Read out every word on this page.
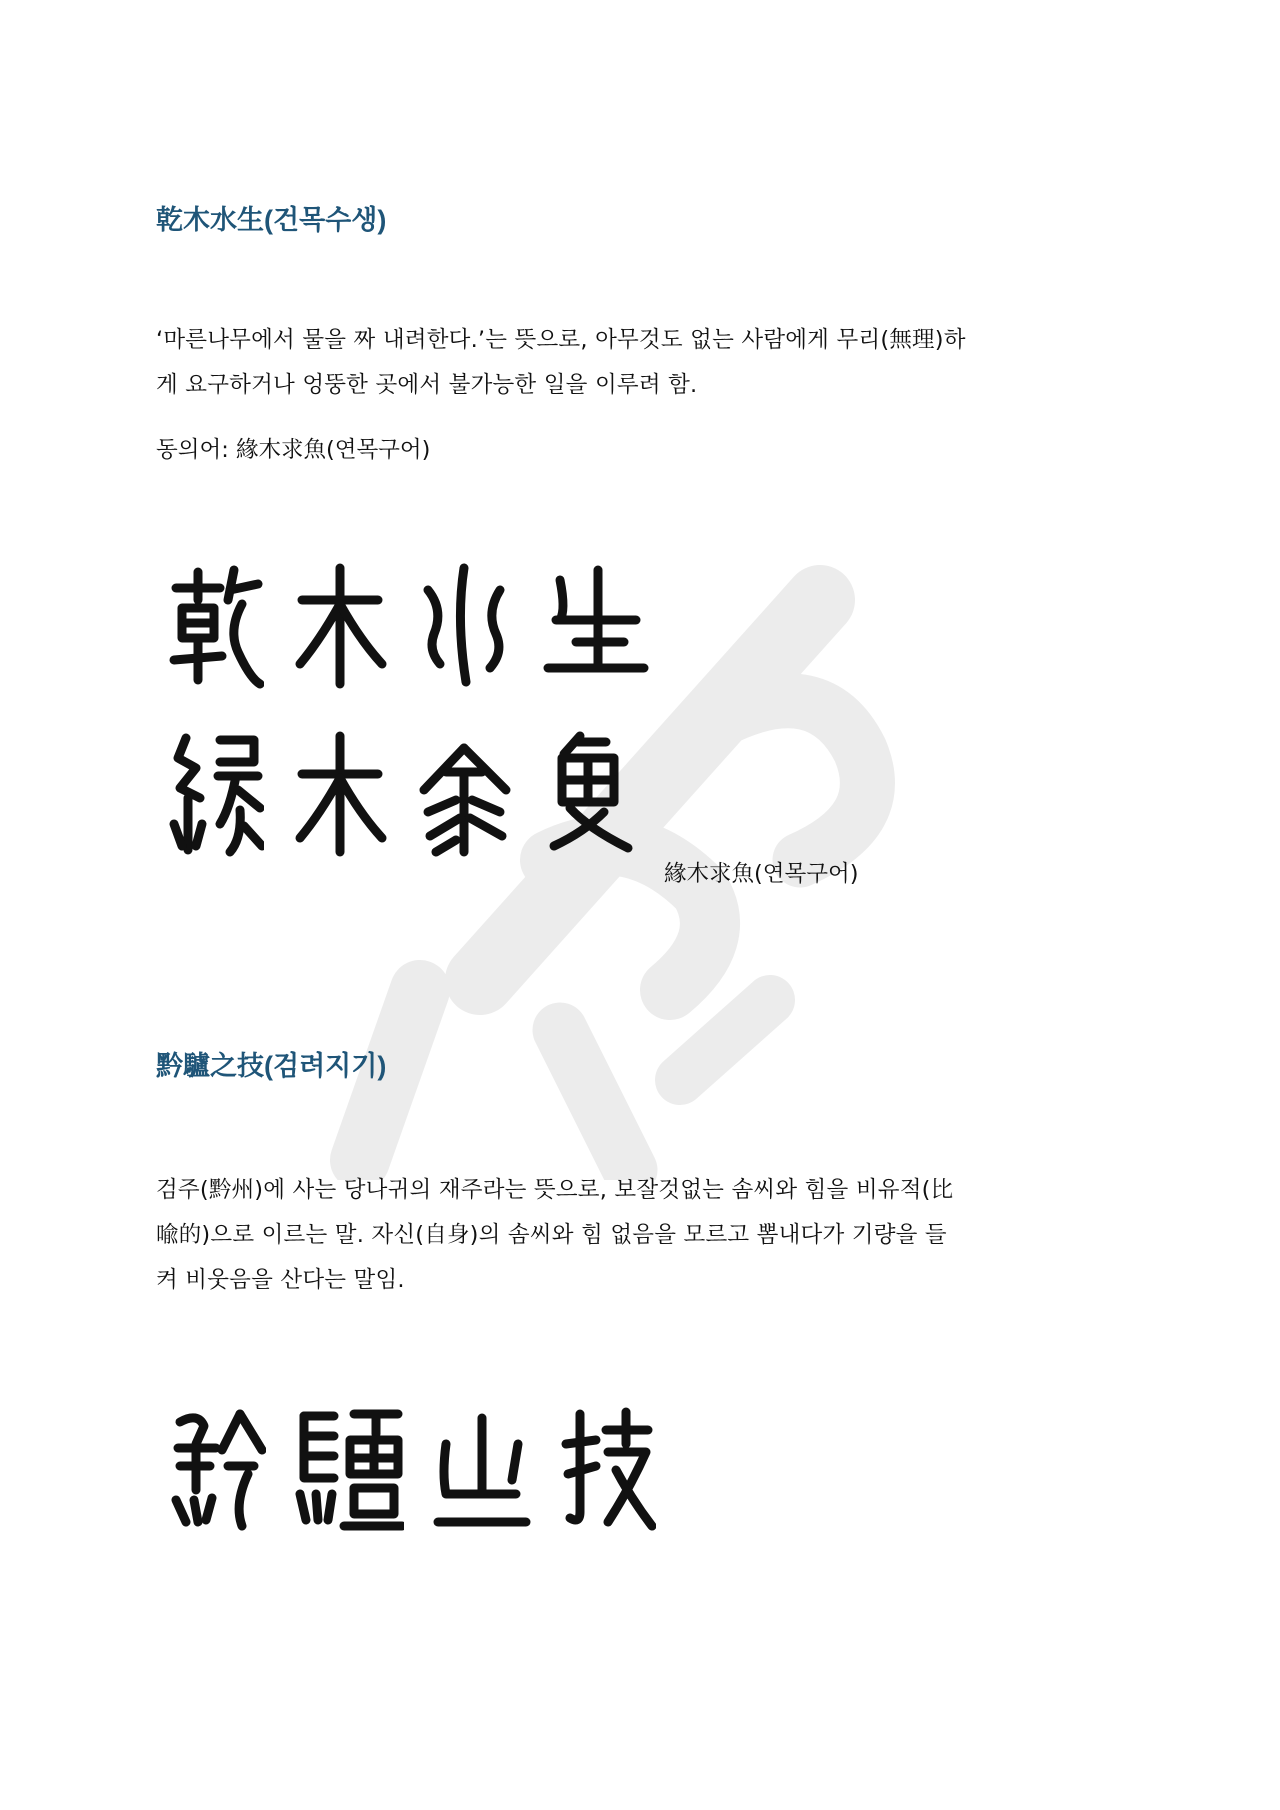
乾木水生(건목수생)

‘마른나무에서 물을 짜 내려한다.’는 뜻으로, 아무것도 없는 사람에게 무리(無理)하

게 요구하거나 엉뚱한 곳에서 불가능한 일을 이루려 함.

동의어: 緣木求魚(연목구어)

緣木求魚(연목구어)
黔驢之技(검려지기)

검주(黔州)에 사는 당나귀의 재주라는 뜻으로, 보잘것없는 솜씨와 힘을 비유적(比

喩的)으로 이르는 말. 자신(自身)의 솜씨와 힘 없음을 모르고 뽐내다가 기량을 들

켜 비웃음을 산다는 말임.
